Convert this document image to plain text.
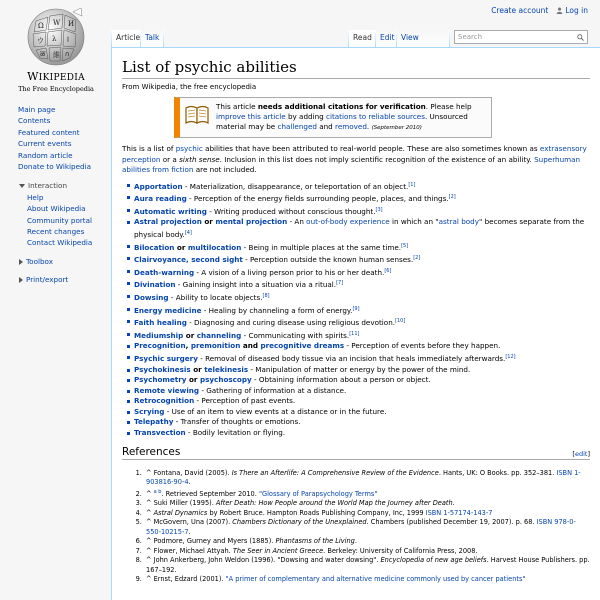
Create account	Log in
Ω W И
ウ λ ا
ळ 維 ก
WIKIPEDIA
The Free Encyclopedia
Main page
Contents
Featured content
Current events
Random article
Donate to Wikipedia
Interaction
Help
About Wikipedia
Community portal
Recent changes
Contact Wikipedia
Toolbox
Print/export
Article Talk	Read	Edit View	Search
List of psychic abilities
From Wikipedia, the free encyclopedia
This article needs additional citations for verification. Please help improve this article by adding citations to reliable sources. Unsourced material may be challenged and removed. (September 2010)

This is a list of psychic abilities that have been attributed to real-world people. These are also sometimes known as extrasensory perception or a sixth sense. Inclusion in this list does not imply scientific recognition of the existence of an ability. Superhuman abilities from fiction are not included.

Apportation - Materialization, disappearance, or teleportation of an object.[1]
Aura reading - Perception of the energy fields surrounding people, places, and things.[2]
Automatic writing - Writing produced without conscious thought.[3]
Astral projection or mental projection - An out-of-body experience in which an "astral body" becomes separate from the physical body.[4]
Bilocation or multilocation - Being in multiple places at the same time.[5]
Clairvoyance, second sight - Perception outside the known human senses.[2]
Death-warning - A vision of a living person prior to his or her death.[6]
Divination - Gaining insight into a situation via a ritual.[7]
Dowsing - Ability to locate objects.[8]
Energy medicine - Healing by channeling a form of energy.[9]
Faith healing - Diagnosing and curing disease using religious devotion.[10]
Mediumship or channeling - Communicating with spirits.[11]
Precognition, premonition and precognitive dreams - Perception of events before they happen.
Psychic surgery - Removal of diseased body tissue via an incision that heals immediately afterwards.[12]
Psychokinesis or telekinesis - Manipulation of matter or energy by the power of the mind.
Psychometry or psychoscopy - Obtaining information about a person or object.
Remote viewing - Gathering of information at a distance.
Retrocognition - Perception of past events.
Scrying - Use of an item to view events at a distance or in the future.
Telepathy - Transfer of thoughts or emotions.
Transvection - Bodily levitation or flying.
References	[edit]
1. ^ Fontana, David (2005). Is There an Afterlife: A Comprehensive Review of the Evidence. Hants, UK: O Books. pp. 352–381. ISBN 1-903816-90-4.
2. ^ $^{a b}$. Retrieved September 2010. "Glossary of Parapsychology Terms"
3. ^ Suki Miller (1995). After Death: How People around the World Map the Journey after Death.
4. ^ Astral Dynamics by Robert Bruce. Hampton Roads Publishing Company, Inc, 1999 ISBN 1-57174-143-7
5. ^ McGovern, Una (2007). Chambers Dictionary of the Unexplained. Chambers (published December 19, 2007). p. 68. ISBN 978-0-550-10215-7.
6. ^ Podmore, Gurney and Myers (1885). Phantasms of the Living.
7. ^ Flower, Michael Attyah. The Seer in Ancient Greece. Berkeley: University of California Press, 2008.
8. ^ John Ankerberg, John Weldon (1996). "Dowsing and water dowsing". Encyclopedia of new age beliefs. Harvest House Publishers. pp. 167–192.
9. ^ Ernst, Edzard (2001). "A primer of complementary and alternative medicine commonly used by cancer patients"
